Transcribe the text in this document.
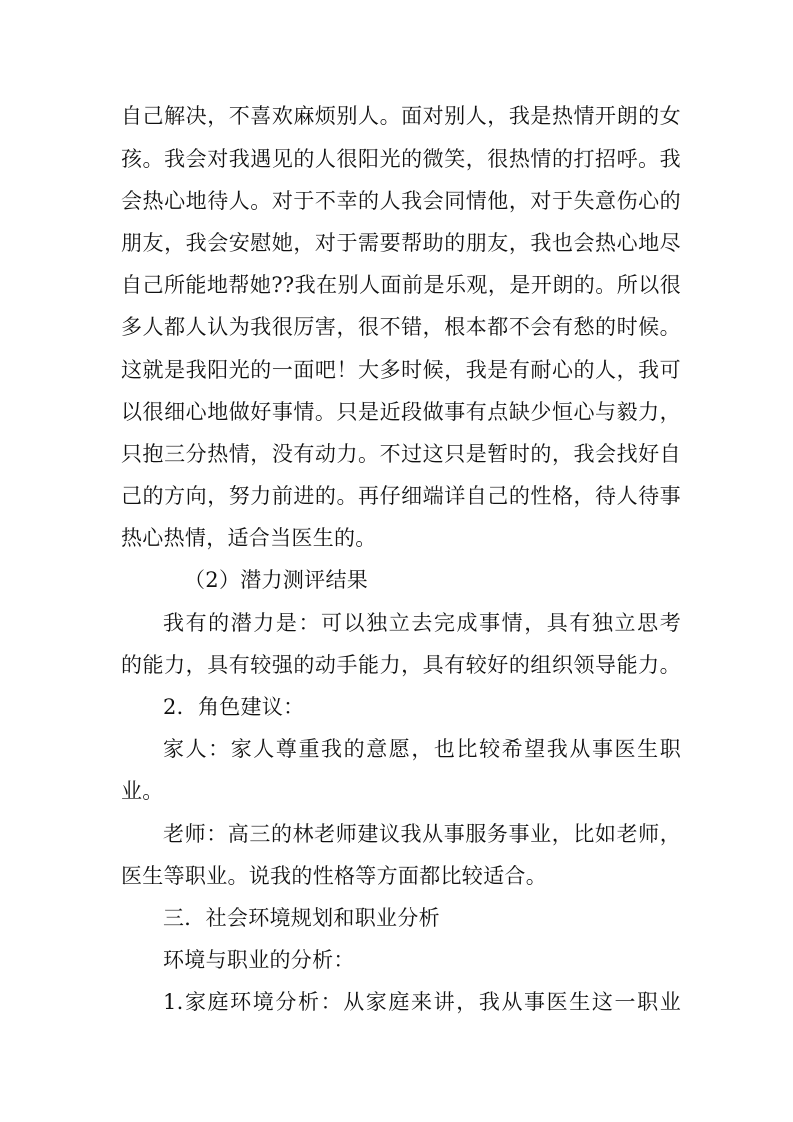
自己解决，不喜欢麻烦别人。面对别人，我是热情开朗的女

孩。我会对我遇见的人很阳光的微笑，很热情的打招呼。我

会热心地待人。对于不幸的人我会同情他，对于失意伤心的

朋友，我会安慰她，对于需要帮助的朋友，我也会热心地尽

自己所能地帮她??我在别人面前是乐观，是开朗的。所以很

多人都人认为我很厉害，很不错，根本都不会有愁的时候。

这就是我阳光的一面吧！大多时候，我是有耐心的人，我可

以很细心地做好事情。只是近段做事有点缺少恒心与毅力，

只抱三分热情，没有动力。不过这只是暂时的，我会找好自

己的方向，努力前进的。再仔细端详自己的性格，待人待事

热心热情，适合当医生的。

（2）潜力测评结果

我有的潜力是：可以独立去完成事情，具有独立思考

的能力，具有较强的动手能力，具有较好的组织领导能力。

2．角色建议：

家人：家人尊重我的意愿，也比较希望我从事医生职

业。

老师：高三的林老师建议我从事服务事业，比如老师，

医生等职业。说我的性格等方面都比较适合。

三．社会环境规划和职业分析

环境与职业的分析：

1.家庭环境分析：从家庭来讲，我从事医生这一职业
